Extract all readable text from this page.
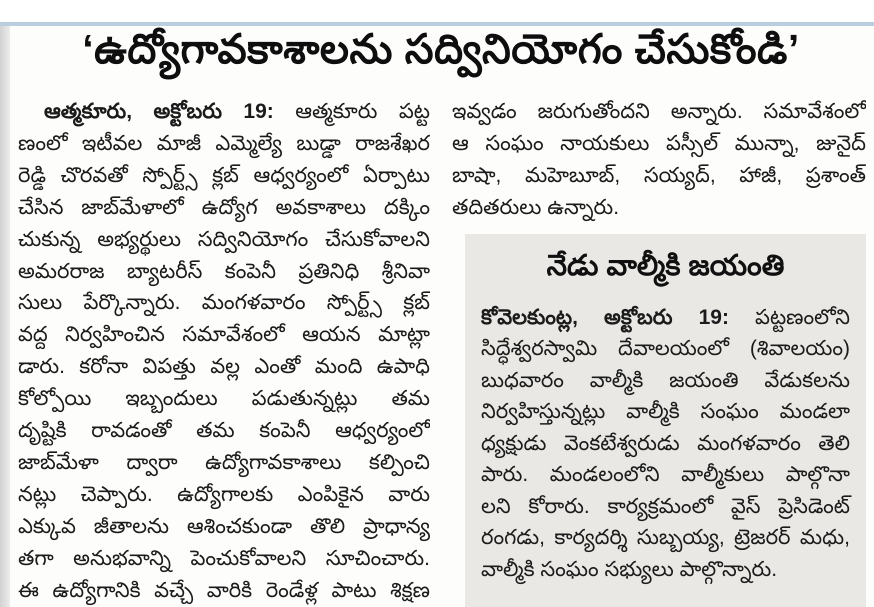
‘ఉద్యోగావకాశాలను సద్వినియోగం చేసుకోండి’
ఆత్మకూరు, అక్టోబరు 19: ఆత్మకూరు పట్ట
ణంలో ఇటీవల మాజీ ఎమ్మెల్యే బుడ్డా రాజశేఖర
రెడ్డి చొరవతో స్పోర్ట్స్ క్లబ్ ఆధ్వర్యంలో ఏర్పాటు
చేసిన జాబ్‌మేళాలో ఉద్యోగ అవకాశాలు దక్కిం
చుకున్న అభ్యర్థులు సద్వినియోగం చేసుకోవాలని
అమరరాజ బ్యాటరీస్ కంపెనీ ప్రతినిధి శ్రీనివా
సులు పేర్కొన్నారు. మంగళవారం స్పోర్ట్స్ క్లబ్
వద్ద నిర్వహించిన సమావేశంలో ఆయన మాట్లా
డారు. కరోనా విపత్తు వల్ల ఎంతో మంది ఉపాధి
కోల్పోయి ఇబ్బందులు పడుతున్నట్లు తమ
దృష్టికి రావడంతో తమ కంపెనీ ఆధ్వర్యంలో
జాబ్‌మేళా ద్వారా ఉద్యోగావకాశాలు కల్పించి
నట్లు చెప్పారు. ఉద్యోగాలకు ఎంపికైన వారు
ఎక్కువ జీతాలను ఆశించకుండా తొలి ప్రాధాన్య
తగా అనుభవాన్ని పెంచుకోవాలని సూచించారు.
ఈ ఉద్యోగానికి వచ్చే వారికి రెండేళ్ల పాటు శిక్షణ
ఇవ్వడం జరుగుతోందని అన్నారు. సమావేశంలో
ఆ సంఘం నాయకులు పస్సీల్ మున్నా, జునైద్
బాషా, మహెబూబ్, సయ్యద్, హాజీ, ప్రశాంత్
తదితరులు ఉన్నారు.
నేడు వాల్మీకి జయంతి
కోవెలకుంట్ల, అక్టోబరు 19: పట్టణంలోని
సిద్ధేశ్వరస్వామి దేవాలయంలో (శివాలయం)
బుధవారం వాల్మీకి జయంతి వేడుకలను
నిర్వహిస్తున్నట్లు వాల్మీకి సంఘం మండలా
ధ్యక్షుడు వెంకటేశ్వరుడు మంగళవారం తెలి
పారు. మండలంలోని వాల్మీకులు పాల్గొనా
లని కోరారు. కార్యక్రమంలో వైస్ ప్రెసిడెంట్
రంగడు, కార్యదర్శి సుబ్బయ్య, ట్రెజరర్ మధు,
వాల్మీకి సంఘం సభ్యులు పాల్గొన్నారు.
